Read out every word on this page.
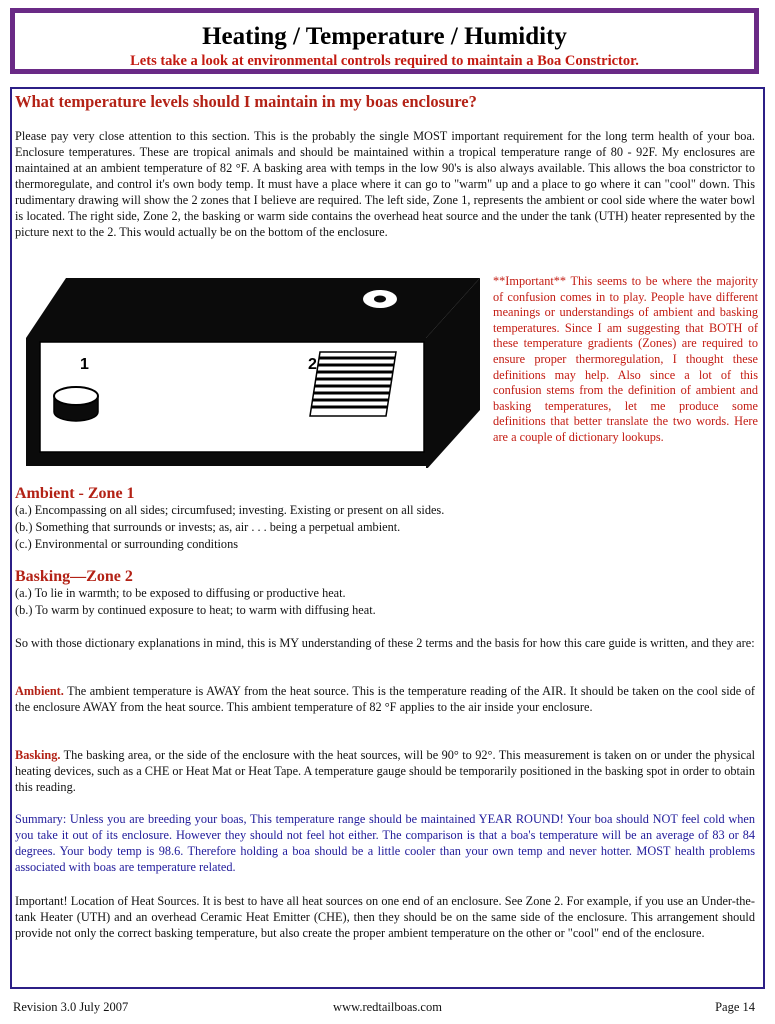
Heating / Temperature / Humidity
Lets take a look at environmental controls required to maintain a Boa Constrictor.
What temperature levels should I maintain in my boas enclosure?
Please pay very close attention to this section. This is the probably the single MOST important requirement for the long term health of your boa. Enclosure temperatures. These are tropical animals and should be maintained within a tropical temperature range of 80 - 92F. My enclosures are maintained at an ambient temperature of 82 °F. A basking area with temps in the low 90's is also always available. This allows the boa constrictor to thermoregulate, and control it's own body temp. It must have a place where it can go to "warm" up and a place to go where it can "cool" down. This rudimentary drawing will show the 2 zones that I believe are required. The left side, Zone 1, represents the ambient or cool side where the water bowl is located. The right side, Zone 2, the basking or warm side contains the overhead heat source and the under the tank (UTH) heater represented by the picture next to the 2. This would actually be on the bottom of the enclosure.
1	2
**Important** This seems to be where the majority of confusion comes in to play. People have different meanings or understandings of ambient and basking temperatures. Since I am suggesting that BOTH of these temperature gradients (Zones) are required to ensure proper thermoregulation, I thought these definitions may help. Also since a lot of this confusion stems from the definition of ambient and basking temperatures, let me produce some definitions that better translate the two words. Here are a couple of dictionary lookups.
Ambient - Zone 1
(a.) Encompassing on all sides; circumfused; investing. Existing or present on all sides.
(b.) Something that surrounds or invests; as, air . . . being a perpetual ambient.
(c.) Environmental or surrounding conditions
Basking—Zone 2
(a.) To lie in warmth; to be exposed to diffusing or productive heat.
(b.) To warm by continued exposure to heat; to warm with diffusing heat.
So with those dictionary explanations in mind, this is MY understanding of these 2 terms and the basis for how this care guide is written, and they are:
Ambient. The ambient temperature is AWAY from the heat source. This is the temperature reading of the AIR. It should be taken on the cool side of the enclosure AWAY from the heat source. This ambient temperature of 82 °F applies to the air inside your enclosure.
Basking. The basking area, or the side of the enclosure with the heat sources, will be 90° to 92°. This measurement is taken on or under the physical heating devices, such as a CHE or Heat Mat or Heat Tape. A temperature gauge should be temporarily positioned in the basking spot in order to obtain this reading.
Summary: Unless you are breeding your boas, This temperature range should be maintained YEAR ROUND! Your boa should NOT feel cold when you take it out of its enclosure. However they should not feel hot either. The comparison is that a boa's temperature will be an average of 83 or 84 degrees. Your body temp is 98.6. Therefore holding a boa should be a little cooler than your own temp and never hotter. MOST health problems associated with boas are temperature related.
Important! Location of Heat Sources. It is best to have all heat sources on one end of an enclosure. See Zone 2. For example, if you use an Under-the-tank Heater (UTH) and an overhead Ceramic Heat Emitter (CHE), then they should be on the same side of the enclosure. This arrangement should provide not only the correct basking temperature, but also create the proper ambient temperature on the other or "cool" end of the enclosure.
Revision 3.0 July 2007	www.redtailboas.com	Page 14
